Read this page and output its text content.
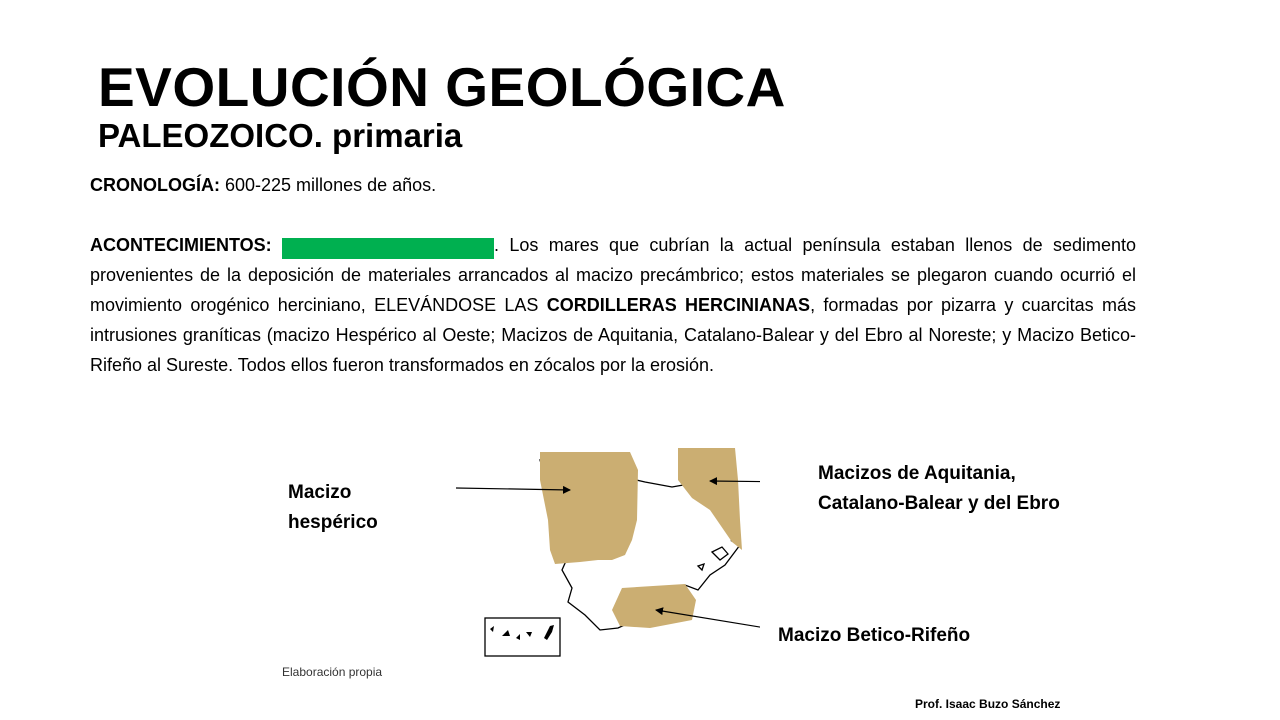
EVOLUCIÓN GEOLÓGICA
PALEOZOICO. primaria

CRONOLOGÍA: 600-225 millones de años.

ACONTECIMIENTOS: OROGENIA HERCINIANA. Los mares que cubrían la actual península estaban llenos de sedimento provenientes de la deposición de materiales arrancados al macizo precámbrico; estos materiales se plegaron cuando ocurrió el movimiento orogénico herciniano, ELEVÁNDOSE LAS CORDILLERAS HERCINIANAS, formadas por pizarra y cuarcitas más intrusiones graníticas (macizo Hespérico al Oeste; Macizos de Aquitania, Catalano-Balear y del Ebro al Noreste; y Macizo Betico-Rifeño al Sureste. Todos ellos fueron transformados en zócalos por la erosión.

Macizo hespérico
Macizos de Aquitania, Catalano-Balear y del Ebro
Macizo Betico-Rifeño
Elaboración propia
Prof. Isaac Buzo Sánchez
